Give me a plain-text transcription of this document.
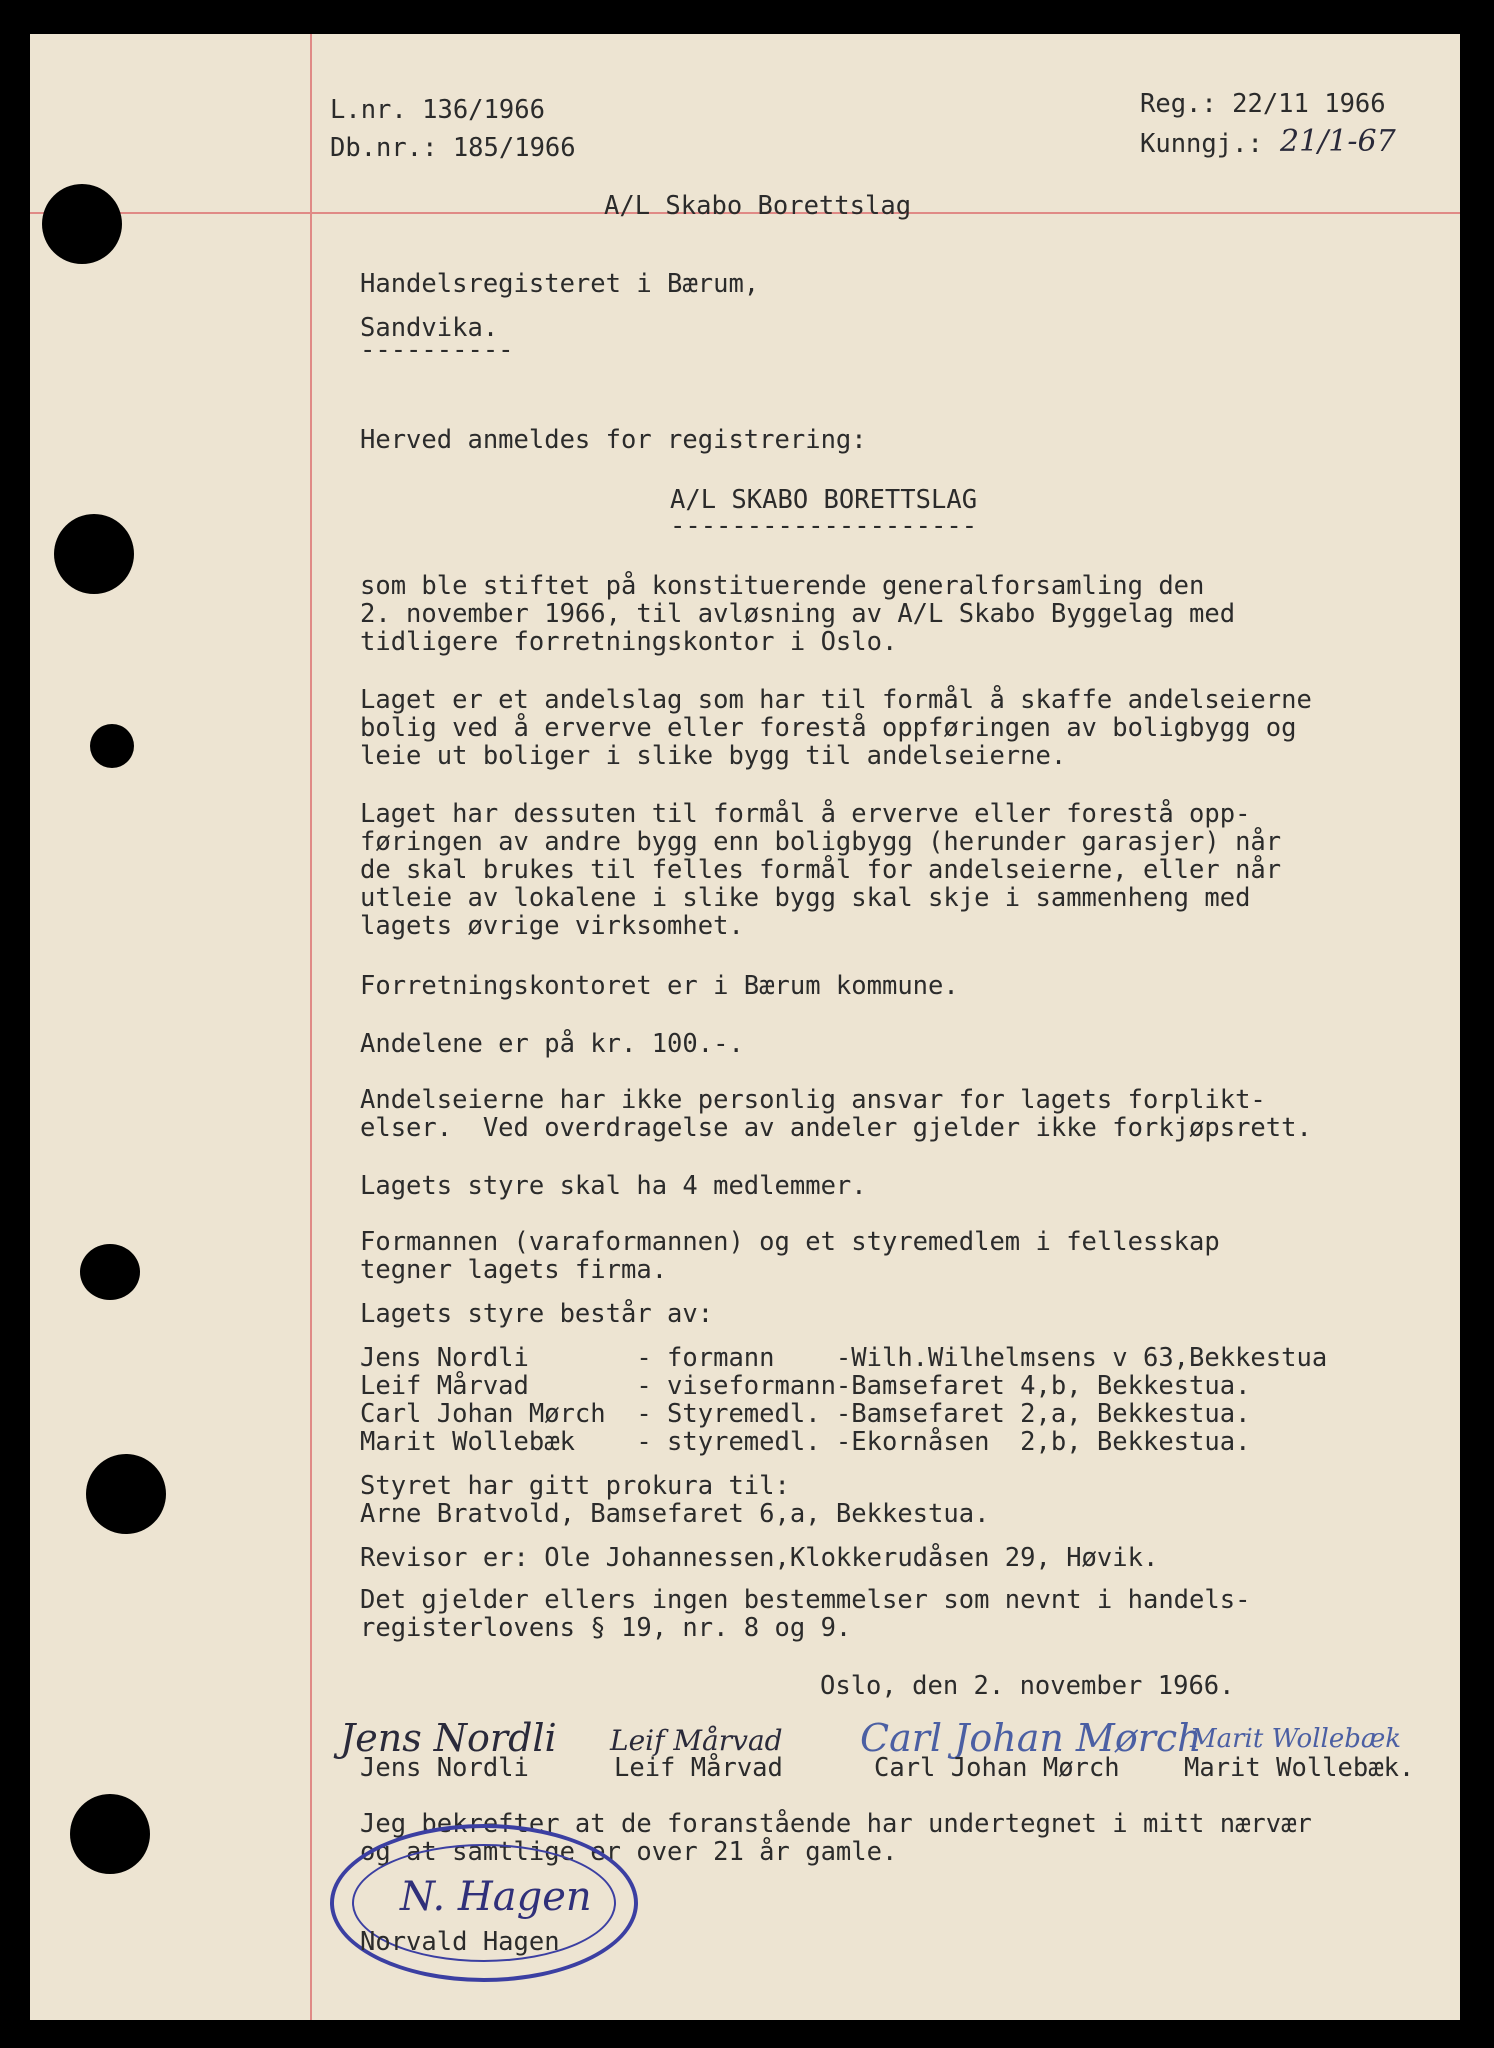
L.nr. 136/1966

Db.nr.: 185/1966

Reg.: 22/11 1966

Kunngj.: 21/1-67

A/L Skabo Borettslag

Handelsregisteret i Bærum,

Sandvika.

----------

Herved anmeldes for registrering:

A/L SKABO BORETTSLAG

--------------------

som ble stiftet på konstituerende generalforsamling den
2. november 1966, til avløsning av A/L Skabo Byggelag med
tidligere forretningskontor i Oslo.
Laget er et andelslag som har til formål å skaffe andelseierne
bolig ved å erverve eller forestå oppføringen av boligbygg og
leie ut boliger i slike bygg til andelseierne.
Laget har dessuten til formål å erverve eller forestå opp-
føringen av andre bygg enn boligbygg (herunder garasjer) når
de skal brukes til felles formål for andelseierne, eller når
utleie av lokalene i slike bygg skal skje i sammenheng med
lagets øvrige virksomhet.

Forretningskontoret er i Bærum kommune.

Andelene er på kr. 100.-.

Andelseierne har ikke personlig ansvar for lagets forplikt-
elser.  Ved overdragelse av andeler gjelder ikke forkjøpsrett.

Lagets styre skal ha 4 medlemmer.

Formannen (varaformannen) og et styremedlem i fellesskap
tegner lagets firma.

Lagets styre består av:

Jens Nordli       - formann    -Wilh.Wilhelmsens v 63,Bekkestua
Leif Mårvad       - viseformann-Bamsefaret 4,b, Bekkestua.
Carl Johan Mørch  - Styremedl. -Bamsefaret 2,a, Bekkestua.
Marit Wollebæk    - styremedl. -Ekornåsen  2,b, Bekkestua.
Styret har gitt prokura til:
Arne Bratvold, Bamsefaret 6,a, Bekkestua.

Revisor er: Ole Johannessen,Klokkerudåsen 29, Høvik.

Det gjelder ellers ingen bestemmelser som nevnt i handels-
registerlovens § 19, nr. 8 og 9.

Oslo, den 2. november 1966.

Jens Nordli Leif Mårvad Carl Johan Mørch
Marit Wollebæk

Jens Nordli	Leif Mårvad	Carl Johan Mørch	Marit Wollebæk.

Jeg bekrefter at de foranstående har undertegnet i mitt nærvær
og at samtlige er over 21 år gamle.
N. Hagen

Norvald Hagen
